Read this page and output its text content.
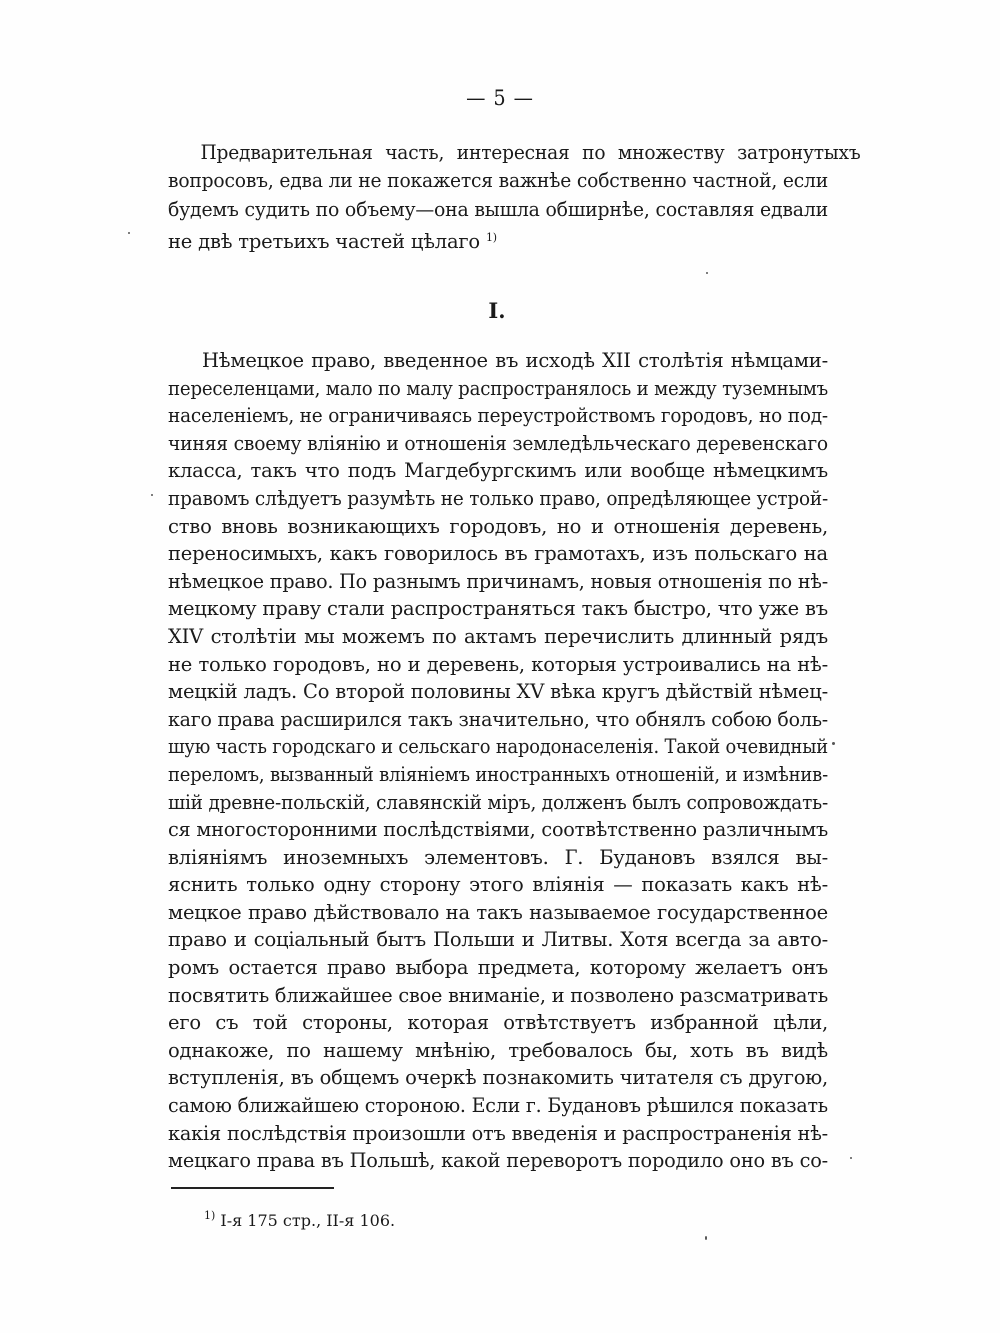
— 5 —
Предварительная часть, интересная по множеству затронутыхъ
вопросовъ, едва ли не покажется важнѣе собственно частной, если
будемъ судить по объему—она вышла обширнѣе, составляя едвали
не двѣ третьихъ частей цѣлаго $^{1)}$
I.
Нѣмецкое право, введенное въ исходѣ XII столѣтія нѣмцами-
переселенцами, мало по малу распространялось и между туземнымъ
населеніемъ, не ограничиваясь переустройствомъ городовъ, но под-
чиняя своему вліянію и отношенія земледѣльческаго деревенскаго
класса, такъ что подъ Магдебургскимъ или вообще нѣмецкимъ
правомъ слѣдуетъ разумѣть не только право, опредѣляющее устрой-
ство вновь возникающихъ городовъ, но и отношенія деревень,
переносимыхъ, какъ говорилось въ грамотахъ, изъ польскаго на
нѣмецкое право. По разнымъ причинамъ, новыя отношенія по нѣ-
мецкому праву стали распространяться такъ быстро, что уже въ
XIV столѣтіи мы можемъ по актамъ перечислить длинный рядъ
не только городовъ, но и деревень, которыя устроивались на нѣ-
мецкій ладъ. Со второй половины XV вѣка кругъ дѣйствій нѣмец-
каго права расширился такъ значительно, что обнялъ собою боль-
шую часть городскаго и сельскаго народонаселенія. Такой очевидный
переломъ, вызванный вліяніемъ иностранныхъ отношеній, и измѣнив-
шій древне-польскій, славянскій міръ, долженъ былъ сопровождать-
ся многосторонними послѣдствіями, соотвѣтственно различнымъ
вліяніямъ иноземныхъ элементовъ. Г. Будановъ взялся вы-
яснить только одну сторону этого вліянія — показать какъ нѣ-
мецкое право дѣйствовало на такъ называемое государственное
право и соціальный бытъ Польши и Литвы. Хотя всегда за авто-
ромъ остается право выбора предмета, которому желаетъ онъ
посвятить ближайшее свое вниманіе, и позволено разсматривать
его съ той стороны, которая отвѣтствуетъ избранной цѣли,
однакоже, по нашему мнѣнію, требовалось бы, хоть въ видѣ
вступленія, въ общемъ очеркѣ познакомить читателя съ другою,
самою ближайшею стороною. Если г. Будановъ рѣшился показать
какія послѣдствія произошли отъ введенія и распространенія нѣ-
мецкаго права въ Польшѣ, какой переворотъ породило оно въ со-
$^{1)}$ I-я 175 стр., II-я 106.
